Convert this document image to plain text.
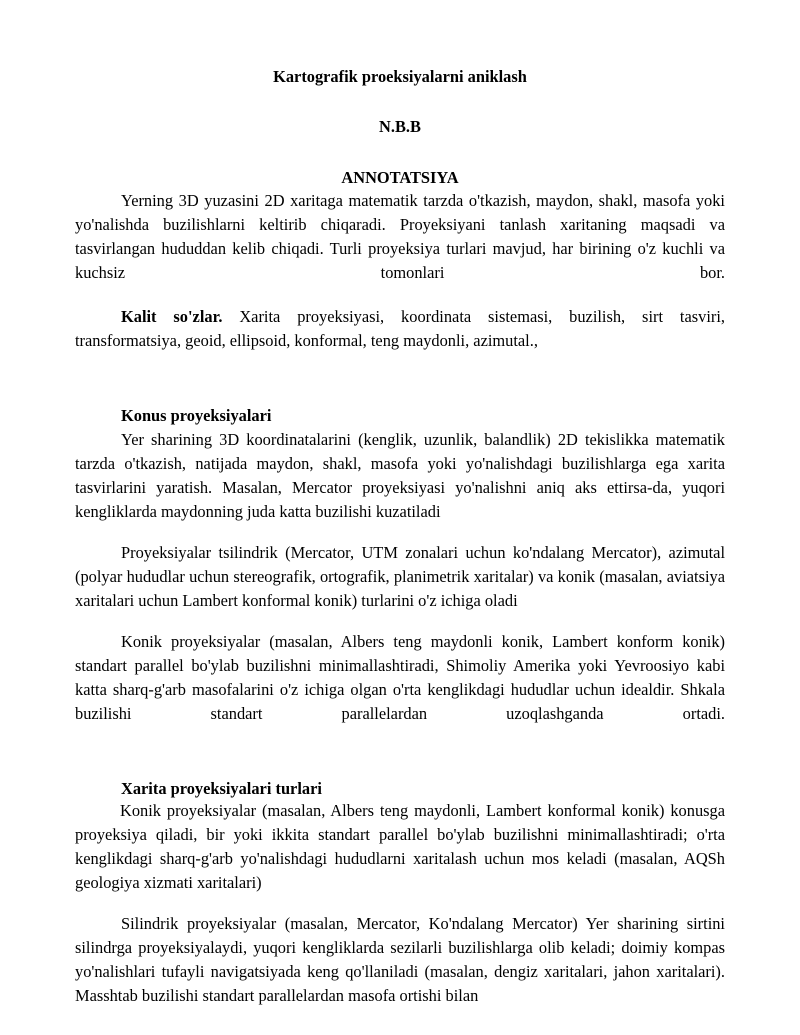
Kartografik proeksiyalarni aniklash

N.B.B

ANNOTATSIYA

Yerning 3D yuzasini 2D xaritaga matematik tarzda o'tkazish, maydon, shakl, masofa yoki yo'nalishda buzilishlarni keltirib chiqaradi. Proyeksiyani tanlash xaritaning maqsadi va tasvirlangan hududdan kelib chiqadi. Turli proyeksiya turlari mavjud, har birining o'z kuchli va kuchsiz tomonlari bor.

Kalit so'zlar. Xarita proyeksiyasi, koordinata sistemasi, buzilish, sirt tasviri, transformatsiya, geoid, ellipsoid, konformal, teng maydonli, azimutal.,

Konus proyeksiyalari

Yer sharining 3D koordinatalarini (kenglik, uzunlik, balandlik) 2D tekislikka matematik tarzda o'tkazish, natijada maydon, shakl, masofa yoki yo'nalishdagi buzilishlarga ega xarita tasvirlarini yaratish. Masalan, Mercator proyeksiyasi yo'nalishni aniq aks ettirsa-da, yuqori kengliklarda maydonning juda katta buzilishi kuzatiladi

Proyeksiyalar tsilindrik (Mercator, UTM zonalari uchun ko'ndalang Mercator), azimutal (polyar hududlar uchun stereografik, ortografik, planimetrik xaritalar) va konik (masalan, aviatsiya xaritalari uchun Lambert konformal konik) turlarini o'z ichiga oladi

Konik proyeksiyalar (masalan, Albers teng maydonli konik, Lambert konform konik) standart parallel bo'ylab buzilishni minimallashtiradi, Shimoliy Amerika yoki Yevroosiyo kabi katta sharq-g'arb masofalarini o'z ichiga olgan o'rta kenglikdagi hududlar uchun idealdir. Shkala buzilishi standart parallelardan uzoqlashganda ortadi.

Xarita proyeksiyalari turlari

Konik proyeksiyalar (masalan, Albers teng maydonli, Lambert konformal konik) konusga proyeksiya qiladi, bir yoki ikkita standart parallel bo'ylab buzilishni minimallashtiradi; o'rta kenglikdagi sharq-g'arb yo'nalishdagi hududlarni xaritalash uchun mos keladi (masalan, AQSh geologiya xizmati xaritalari)

Silindrik proyeksiyalar (masalan, Mercator, Ko'ndalang Mercator) Yer sharining sirtini silindrga proyeksiyalaydi, yuqori kengliklarda sezilarli buzilishlarga olib keladi; doimiy kompas yo'nalishlari tufayli navigatsiyada keng qo'llaniladi (masalan, dengiz xaritalari, jahon xaritalari). Masshtab buzilishi standart parallelardan masofa ortishi bilan
